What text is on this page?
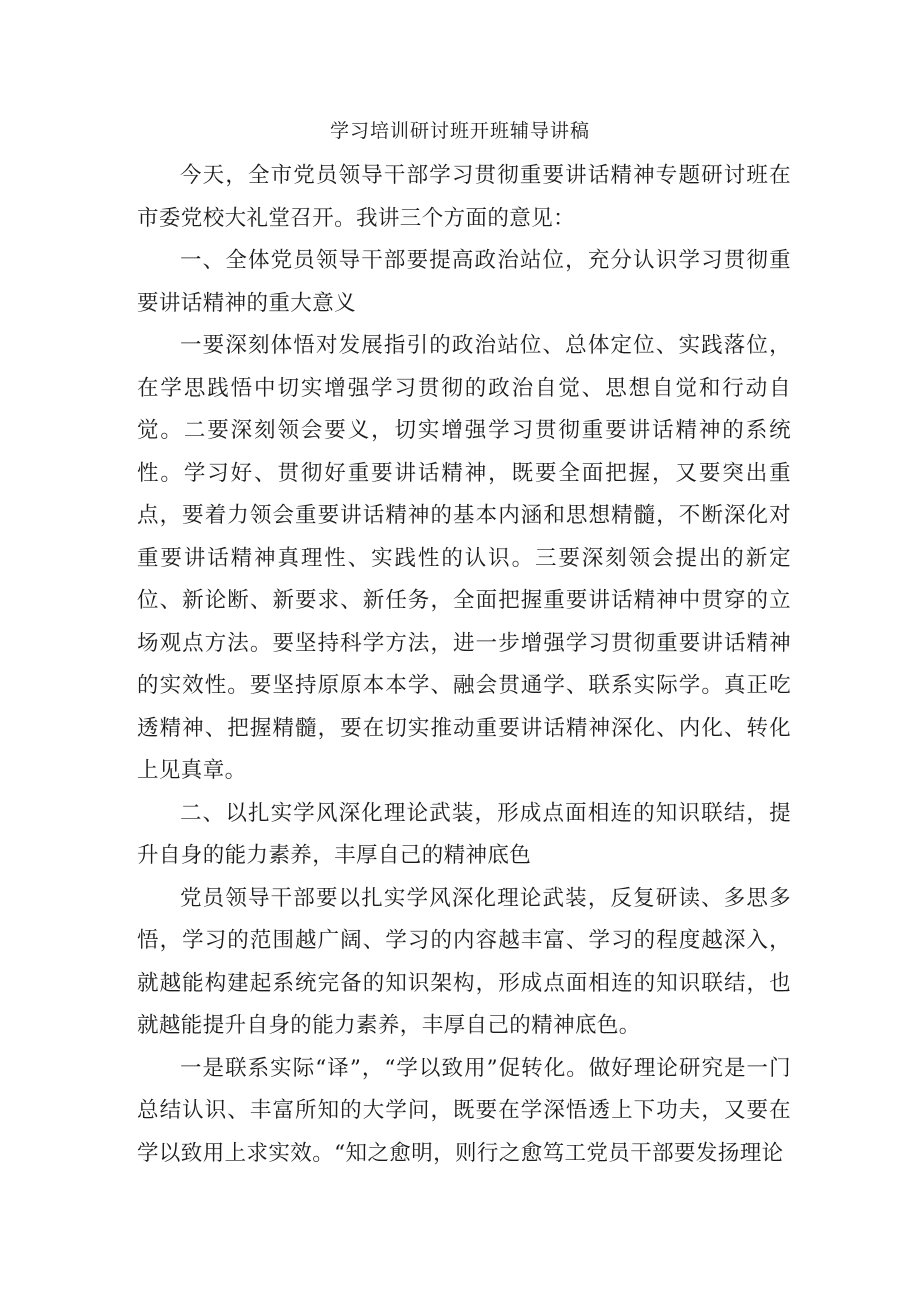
学习培训研讨班开班辅导讲稿

今天，全市党员领导干部学习贯彻重要讲话精神专题研讨班在市委党校大礼堂召开。我讲三个方面的意见：

一、全体党员领导干部要提高政治站位，充分认识学习贯彻重要讲话精神的重大意义

一要深刻体悟对发展指引的政治站位、总体定位、实践落位，在学思践悟中切实增强学习贯彻的政治自觉、思想自觉和行动自觉。二要深刻领会要义，切实增强学习贯彻重要讲话精神的系统性。学习好、贯彻好重要讲话精神，既要全面把握，又要突出重点，要着力领会重要讲话精神的基本内涵和思想精髓，不断深化对重要讲话精神真理性、实践性的认识。三要深刻领会提出的新定位、新论断、新要求、新任务，全面把握重要讲话精神中贯穿的立场观点方法。要坚持科学方法，进一步增强学习贯彻重要讲话精神的实效性。要坚持原原本本学、融会贯通学、联系实际学。真正吃透精神、把握精髓，要在切实推动重要讲话精神深化、内化、转化上见真章。

二、以扎实学风深化理论武装，形成点面相连的知识联结，提升自身的能力素养，丰厚自己的精神底色

党员领导干部要以扎实学风深化理论武装，反复研读、多思多悟，学习的范围越广阔、学习的内容越丰富、学习的程度越深入，就越能构建起系统完备的知识架构，形成点面相连的知识联结，也就越能提升自身的能力素养，丰厚自己的精神底色。

一是联系实际“译”，“学以致用”促转化。做好理论研究是一门总结认识、丰富所知的大学问，既要在学深悟透上下功夫，又要在学以致用上求实效。“知之愈明，则行之愈笃工党员干部要发扬理论
